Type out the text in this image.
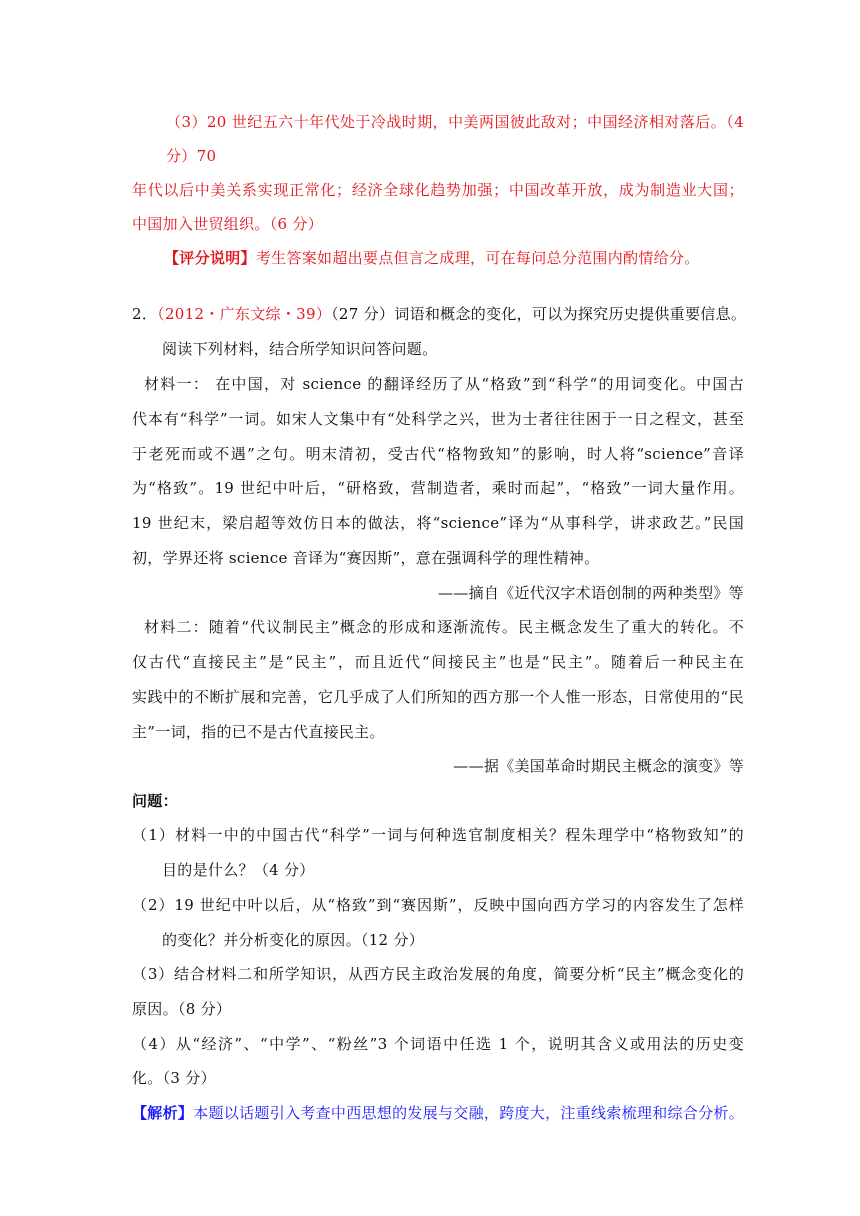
（3）20 世纪五六十年代处于冷战时期，中美两国彼此敌对；中国经济相对落后。（4
分）70
年代以后中美关系实现正常化；经济全球化趋势加强；中国改革开放，成为制造业大国；
中国加入世贸组织。（6 分）
【评分说明】考生答案如超出要点但言之成理，可在每问总分范围内酌情给分。
2．（2012・广东文综・39）（27 分）词语和概念的变化，可以为探究历史提供重要信息。
阅读下列材料，结合所学知识问答问题。
材料一： 在中国，对 science 的翻译经历了从“格致”到“科学“的用词变化。中国古
代本有“科学”一词。如宋人文集中有“处科学之兴，世为士者往往困于一日之程文，甚至
于老死而或不遇”之句。明末清初，受古代“格物致知”的影响，时人将“science”音译
为“格致”。19 世纪中叶后，“研格致，营制造者，乘时而起”，“格致”一词大量作用。
19 世纪末，梁启超等效仿日本的做法，将“science”译为“从事科学，讲求政艺。”民国
初，学界还将 science 音译为“赛因斯”，意在强调科学的理性精神。
——摘自《近代汉字术语创制的两种类型》等
材料二：随着“代议制民主”概念的形成和逐渐流传。民主概念发生了重大的转化。不
仅古代“直接民主”是“民主”，而且近代“间接民主”也是“民主”。随着后一种民主在
实践中的不断扩展和完善，它几乎成了人们所知的西方那一个人惟一形态，日常使用的“民
主”一词，指的已不是古代直接民主。
——据《美国革命时期民主概念的演变》等
问题：
（1）材料一中的中国古代“科学”一词与何种选官制度相关？程朱理学中“格物致知”的
目的是什么？（4 分）
（2）19 世纪中叶以后，从“格致”到“赛因斯”，反映中国向西方学习的内容发生了怎样
的变化？并分析变化的原因。（12 分）
（3）结合材料二和所学知识，从西方民主政治发展的角度，简要分析“民主”概念变化的
原因。（8 分）
（4）从“经济”、“中学”、“粉丝”3 个词语中任选 1 个，说明其含义或用法的历史变
化。（3 分）
【解析】本题以话题引入考查中西思想的发展与交融，跨度大，注重线索梳理和综合分析。
